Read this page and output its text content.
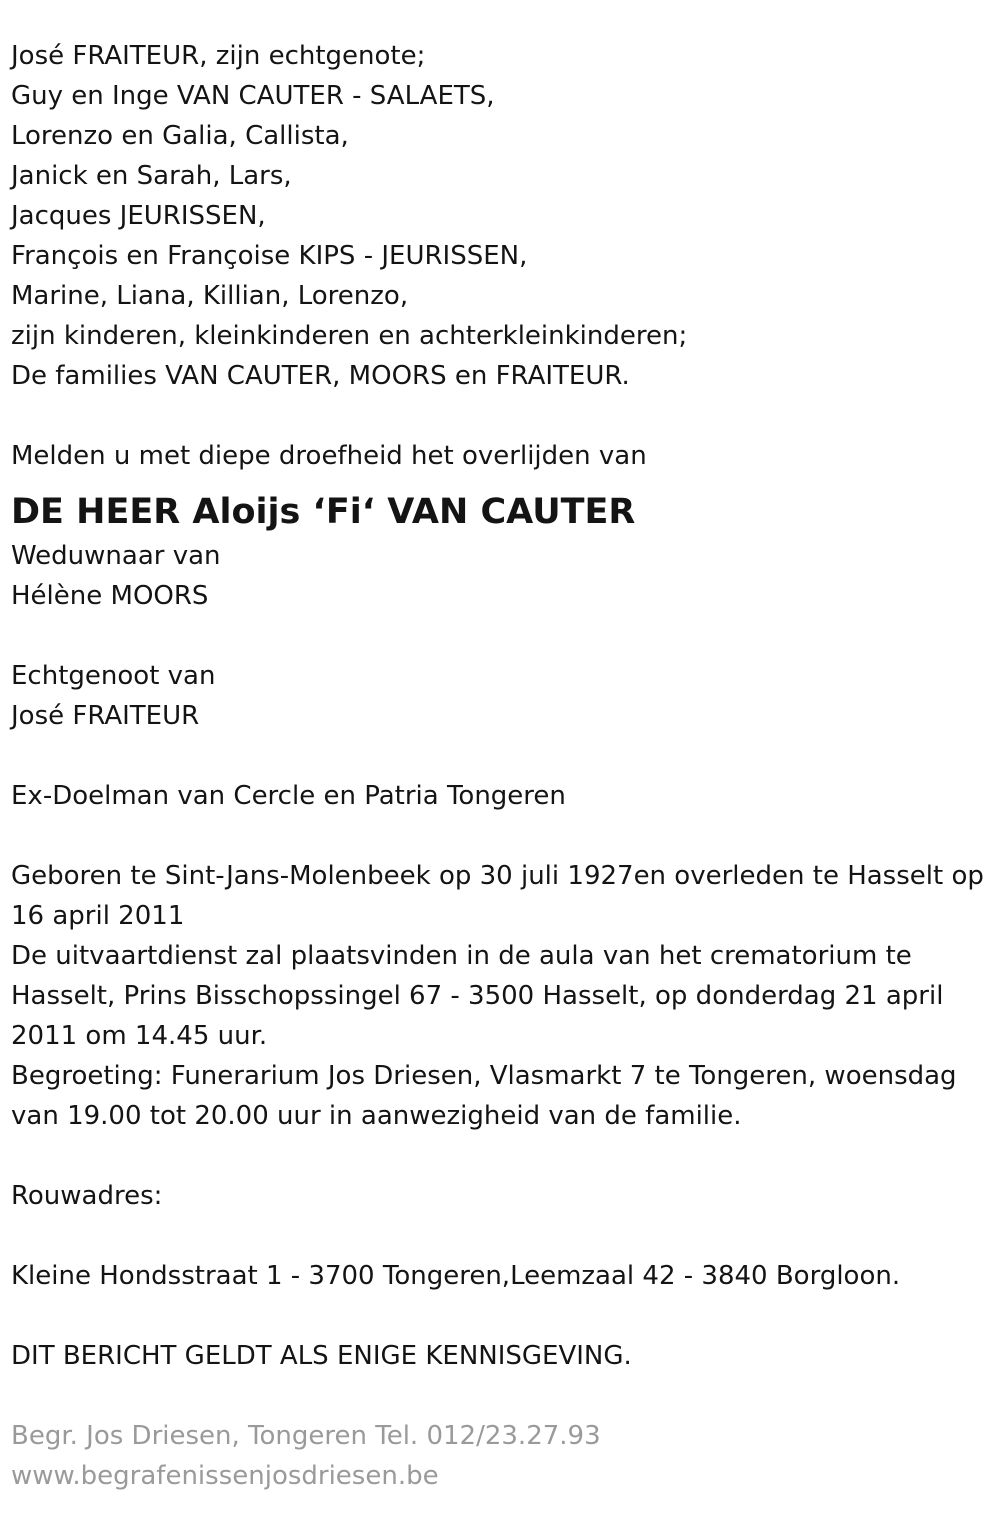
José FRAITEUR, zijn echtgenote;
Guy en Inge VAN CAUTER - SALAETS,
Lorenzo en Galia, Callista,
Janick en Sarah, Lars,
Jacques JEURISSEN,
François en Françoise KIPS - JEURISSEN,
Marine, Liana, Killian, Lorenzo,
zijn kinderen, kleinkinderen en achterkleinkinderen;
De families VAN CAUTER, MOORS en FRAITEUR.
Melden u met diepe droefheid het overlijden van
DE HEER Aloijs ‘Fi‘ VAN CAUTER
Weduwnaar van
Hélène MOORS
Echtgenoot van
José FRAITEUR
Ex-Doelman van Cercle en Patria Tongeren
Geboren te Sint-Jans-Molenbeek op 30 juli 1927en overleden te Hasselt op 16 april 2011
De uitvaartdienst zal plaatsvinden in de aula van het crematorium te Hasselt, Prins Bisschopssingel 67 - 3500 Hasselt, op donderdag 21 april 2011 om 14.45 uur.
Begroeting: Funerarium Jos Driesen, Vlasmarkt 7 te Tongeren, woensdag van 19.00 tot 20.00 uur in aanwezigheid van de familie.
Rouwadres:
Kleine Hondsstraat 1 - 3700 Tongeren,Leemzaal 42 - 3840 Borgloon.
DIT BERICHT GELDT ALS ENIGE KENNISGEVING.
Begr. Jos Driesen, Tongeren Tel. 012/23.27.93
www.begrafenissenjosdriesen.be
